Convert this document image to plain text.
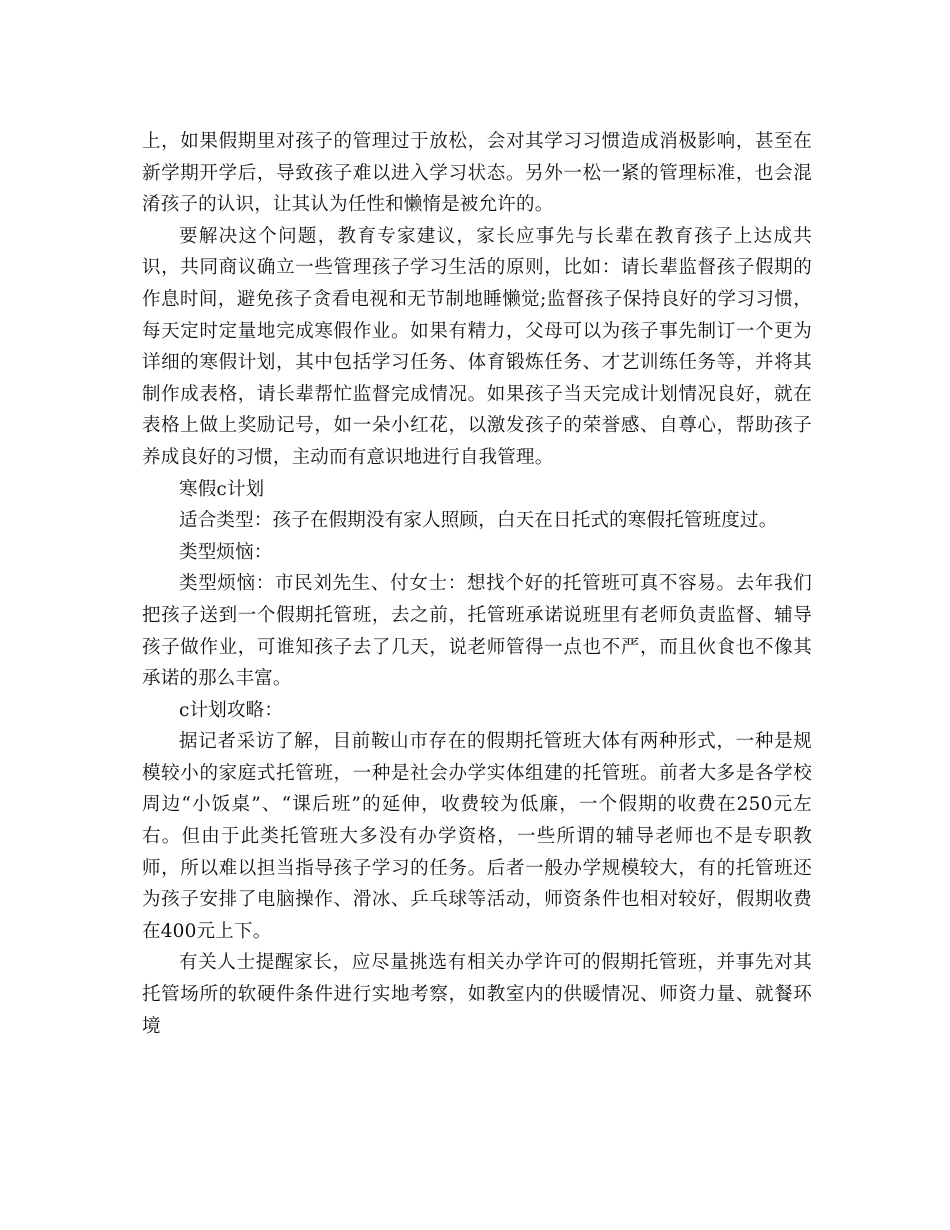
上，如果假期里对孩子的管理过于放松，会对其学习习惯造成消极影响，甚至在新学期开学后，导致孩子难以进入学习状态。另外一松一紧的管理标准，也会混淆孩子的认识，让其认为任性和懒惰是被允许的。

要解决这个问题，教育专家建议，家长应事先与长辈在教育孩子上达成共识，共同商议确立一些管理孩子学习生活的原则，比如：请长辈监督孩子假期的作息时间，避免孩子贪看电视和无节制地睡懒觉;监督孩子保持良好的学习习惯，每天定时定量地完成寒假作业。如果有精力，父母可以为孩子事先制订一个更为详细的寒假计划，其中包括学习任务、体育锻炼任务、才艺训练任务等，并将其制作成表格，请长辈帮忙监督完成情况。如果孩子当天完成计划情况良好，就在表格上做上奖励记号，如一朵小红花，以激发孩子的荣誉感、自尊心，帮助孩子养成良好的习惯，主动而有意识地进行自我管理。

寒假c计划

适合类型：孩子在假期没有家人照顾，白天在日托式的寒假托管班度过。

类型烦恼：

类型烦恼：市民刘先生、付女士：想找个好的托管班可真不容易。去年我们把孩子送到一个假期托管班，去之前，托管班承诺说班里有老师负责监督、辅导孩子做作业，可谁知孩子去了几天，说老师管得一点也不严，而且伙食也不像其承诺的那么丰富。

c计划攻略：

据记者采访了解，目前鞍山市存在的假期托管班大体有两种形式，一种是规模较小的家庭式托管班，一种是社会办学实体组建的托管班。前者大多是各学校周边“小饭桌”、“课后班”的延伸，收费较为低廉，一个假期的收费在250元左右。但由于此类托管班大多没有办学资格，一些所谓的辅导老师也不是专职教师，所以难以担当指导孩子学习的任务。后者一般办学规模较大，有的托管班还为孩子安排了电脑操作、滑冰、乒乓球等活动，师资条件也相对较好，假期收费在400元上下。

有关人士提醒家长，应尽量挑选有相关办学许可的假期托管班，并事先对其托管场所的软硬件条件进行实地考察，如教室内的供暖情况、师资力量、就餐环境
